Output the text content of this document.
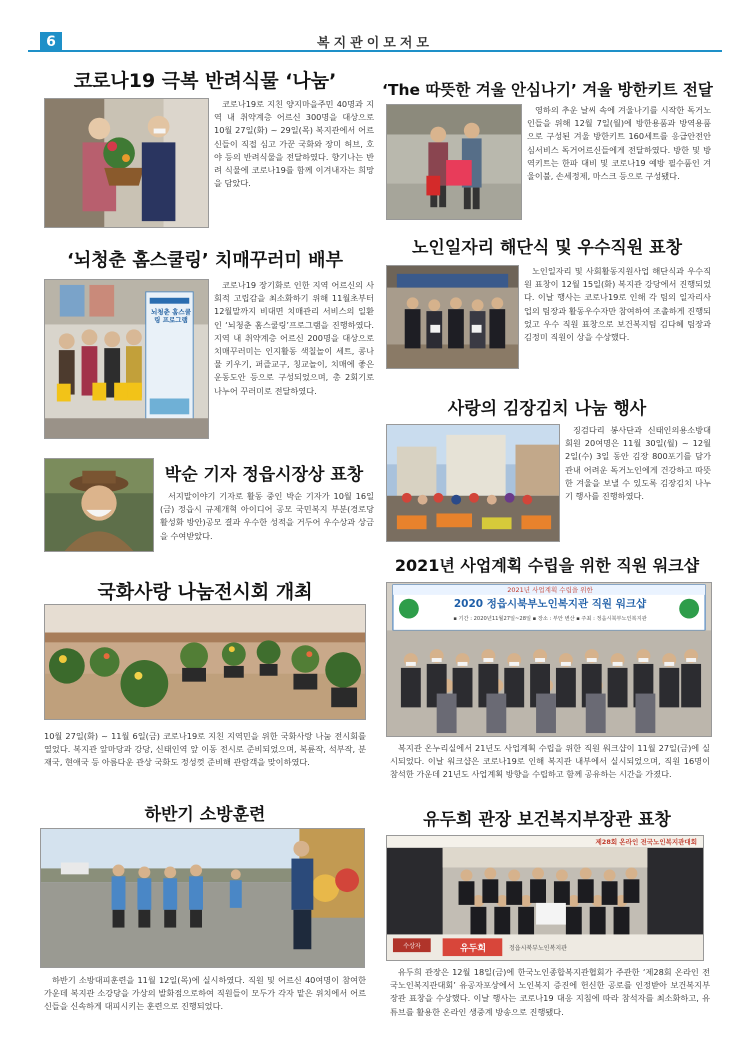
6	복지관이모저모
코로나19 극복 반려식물 ‘나눔’
코로나19로 지친 양지마을주민 40명과 지역 내 취약계층 어르신 300명을 대상으로 10월 27일(화) ~ 29일(목) 복지관에서 어르신들이 직접 심고 가꾼 국화와 장미 허브, 호야 등의 반려식물을 전달하였다. 향기나는 반려 식물에 코로나19를 함께 이겨내자는 희망을 담았다.
‘뇌청춘 홈스쿨링’ 치매꾸러미 배부
뇌청춘 홈스쿨링 프로그램
코로나19 장기화로 인한 지역 어르신의 사회적 고립감을 최소화하기 위해 11월초부터 12월말까지 비대면 치매관리 서비스의 일환인 ‘뇌청춘 홈스쿨링’프로그램을 진행하였다. 지역 내 취약계층 어르신 200명을 대상으로 치매꾸러미는 인지활동 색칠놀이 세트, 콩나물 키우기, 퍼즐교구, 칭교놀이, 치매에 좋은 운동도안 등으로 구성되었으며, 총 2회기로 나누어 꾸러미로 전달하였다.
박순 기자 정읍시장상 표창
서지말이야기 기자로 활동 중인 박순 기자가 10월 16일(금) 정읍시 규제개혁 아이디어 공모 국민복지 부분(경로당 활성화 방안)공모 결과 우수한 성적을 거두어 우수상과 상금을 수여받았다.
국화사랑 나눔전시회 개최
10월 27일(화) ~ 11월 6일(금) 코로나19로 지친 지역민을 위한 국화사랑 나눔 전시회를 열었다. 복지관 앞마당과 강당, 신태인역 앞 이동 전시로 준비되었으며, 복륜작, 석부작, 분재국, 현애국 등 아름다운 관상 국화도 정성껏 준비해 관람객을 맞이하였다.
하반기 소방훈련
하반기 소방대피훈련을 11월 12일(목)에 실시하였다. 직원 및 어르신 40여명이 참여한 가운데 복지관 소강당을 가상의 발화점으로하여 직원들이 모두가 각자 맡은 위치에서 어르신들을 신속하게 대피시키는 훈련으로 진행되었다.
‘The 따뜻한 겨울 안심나기’ 겨울 방한키트 전달
영하의 추운 날씨 속에 겨울나기를 시작한 독거노인들을 위해 12월 7일(월)에 방한용품과 방역용품으로 구성된 겨울 방한키트 160세트를 응급안전안심서비스 독거어르신들에게 전달하였다. 방한 및 방역키트는 한파 대비 및 코로나19 예방 필수품인 겨울이불, 손세정제, 마스크 등으로 구성됐다.
노인일자리 해단식 및 우수직원 표창
노인일자리 및 사회활동지원사업 해단식과 우수직원 표창이 12월 15일(화) 복지관 강당에서 진행되었다. 이날 행사는 코로나19로 인해 각 팀의 일자리사업의 팀장과 활동우수자만 참여하여 조촐하게 진행되었고 우수 직원 표창으로 보건복지팀 김다혜 팀장과 김정미 직원이 상을 수상했다.
사랑의 김장김치 나눔 행사
징검다리 봉사단과 신태인의용소방대 회원 20여명은 11월 30일(월) ~ 12월 2일(수) 3일 동안 김장 800포기를 담가 관내 어려운 독거노인에게 건강하고 따뜻한 겨울을 보낼 수 있도록 김장김치 나누기 행사를 진행하였다.
2021년 사업계획 수립을 위한 직원 워크샵
2021년 사업계획 수립을 위한
2020 정읍시북부노인복지관 직원 워크샵
▪ 기간 : 2020년11월27일~28일 ▪ 장소 : 부안 변산 ▪ 주최 : 정읍시북부노인복지관
복지관 온누리실에서 21년도 사업계획 수립을 위한 직원 워크샵이 11월 27일(금)에 실시되었다. 이날 워크샵은 코로나19로 인해 복지관 내부에서 실시되었으며, 직원 16명이 참석한 가운데 21년도 사업계획 방향을 수립하고 함께 공유하는 시간을 가졌다.
유두희 관장 보건복지부장관 표창
제28회 온라인 전국노인복지관대회
수상자	유두희	정읍시북부노인복지관
유두희 관장은 12월 18일(금)에 한국노인종합복지관협회가 주관한 ‘제28회 온라인 전국노인복지관대회’ 유공자포상에서 노인복지 증진에 헌신한 공로를 인정받아 보건복지부장관 표창을 수상했다. 이날 행사는 코로나19 대응 지침에 따라 참석자를 최소화하고, 유튜브를 활용한 온라인 생중계 방송으로 진행됐다.
